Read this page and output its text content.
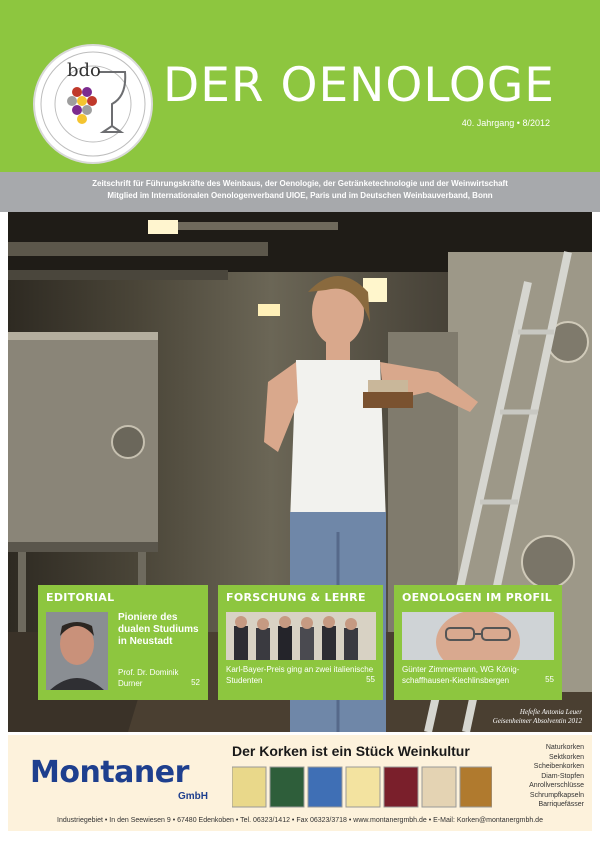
bdo DER OENOLOGE
40. Jahrgang • 8/2012
Zeitschrift für Führungskräfte des Weinbaus, der Oenologie, der Getränketechnologie und der Weinwirtschaft
Mitglied im Internationalen Oenologenverband UIOE, Paris und im Deutschen Weinbauverband, Bonn
Hefefie Antonia Leuer
Geisenheimer Absolventin 2012
EDITORIAL
Pioniere des dualen Studiums in Neustadt
Prof. Dr. Dominik Durner	52
FORSCHUNG & LEHRE
Karl-Bayer-Preis ging an zwei italienische Studenten	55
OENOLOGEN IM PROFIL
Günter Zimmermann, WG König-schaffhausen-Kiechlinsbergen	55
Montaner
GmbH
Der Korken ist ein Stück Weinkultur	Naturkorken
Sektkorken
Scheibenkorken
Diam-Stopfen
Anrollverschlüsse
Schrumpfkapseln
Barriquefässer
Industriegebiet • In den Seewiesen 9 • 67480 Edenkoben • Tel. 06323/1412 • Fax 06323/3718 • www.montanergmbh.de • E-Mail: Korken@montanergmbh.de
